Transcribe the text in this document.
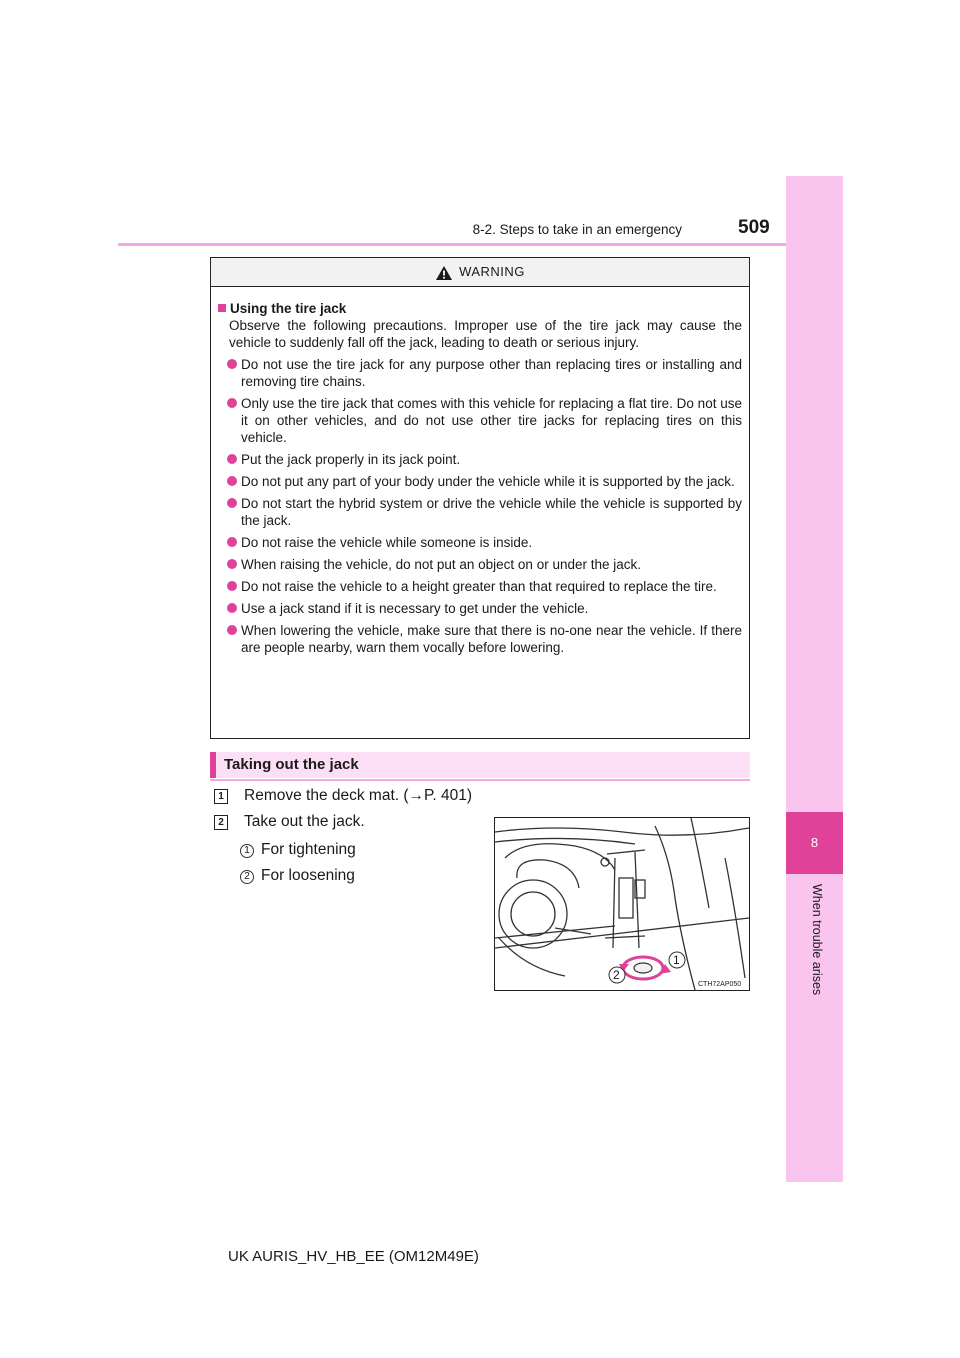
8
When trouble arises
8-2. Steps to take in an emergency	509
WARNING
Using the tire jack
Observe the following precautions. Improper use of the tire jack may cause the vehicle to suddenly fall off the jack, leading to death or serious injury.
Do not use the tire jack for any purpose other than replacing tires or installing and removing tire chains.
Only use the tire jack that comes with this vehicle for replacing a flat tire. Do not use it on other vehicles, and do not use other tire jacks for replacing tires on this vehicle.
Put the jack properly in its jack point.
Do not put any part of your body under the vehicle while it is supported by the jack.
Do not start the hybrid system or drive the vehicle while the vehicle is supported by the jack.
Do not raise the vehicle while someone is inside.
When raising the vehicle, do not put an object on or under the jack.
Do not raise the vehicle to a height greater than that required to replace the tire.
Use a jack stand if it is necessary to get under the vehicle.
When lowering the vehicle, make sure that there is no-one near the vehicle. If there are people nearby, warn them vocally before lowering.
Taking out the jack
1 Remove the deck mat. (→P. 401)
2 Take out the jack.
1 For tightening
2 For loosening
2
1
CTH72AP050
UK AURIS_HV_HB_EE (OM12M49E)
